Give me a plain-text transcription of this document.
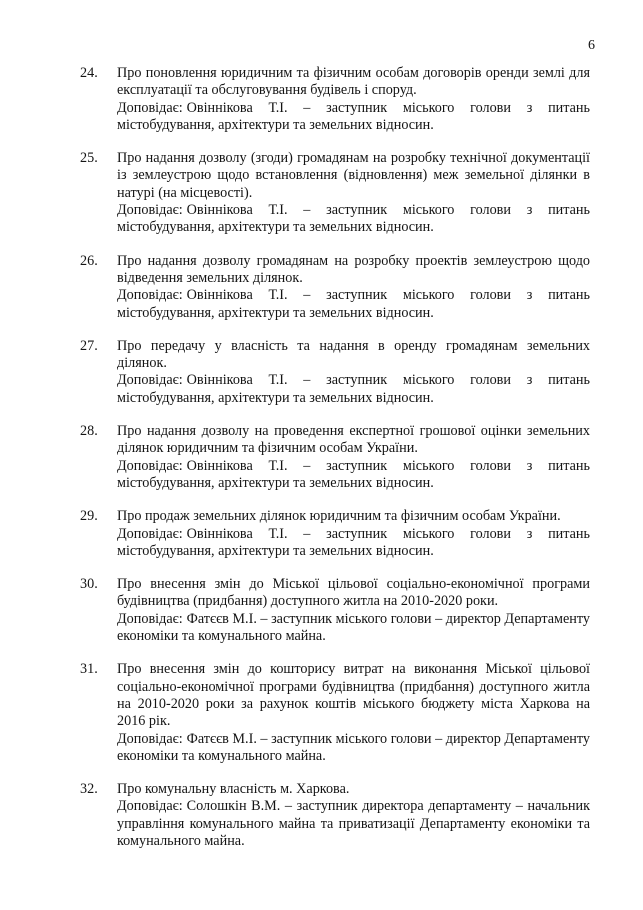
6
24.	Про поновлення юридичним та фізичним особам договорів оренди землі для експлуатації та обслуговування будівель і споруд.
Доповідає: Овіннікова Т.І. – заступник міського голови з питань містобудування, архітектури та земельних відносин.
25.	Про надання дозволу (згоди) громадянам на розробку технічної документації із землеустрою щодо встановлення (відновлення) меж земельної ділянки в натурі (на місцевості).
Доповідає: Овіннікова Т.І. – заступник міського голови з питань містобудування, архітектури та земельних відносин.
26.	Про надання дозволу громадянам на розробку проектів землеустрою щодо відведення земельних ділянок.
Доповідає: Овіннікова Т.І. – заступник міського голови з питань містобудування, архітектури та земельних відносин.
27.	Про передачу у власність та надання в оренду громадянам земельних ділянок.
Доповідає: Овіннікова Т.І. – заступник міського голови з питань містобудування, архітектури та земельних відносин.
28.	Про надання дозволу на проведення експертної грошової оцінки земельних ділянок юридичним та фізичним особам України.
Доповідає: Овіннікова Т.І. – заступник міського голови з питань містобудування, архітектури та земельних відносин.
29.	Про продаж земельних ділянок юридичним та фізичним особам України.
Доповідає: Овіннікова Т.І. – заступник міського голови з питань містобудування, архітектури та земельних відносин.
30.	Про внесення змін до Міської цільової соціально-економічної програми будівництва (придбання) доступного житла на 2010-2020 роки.
Доповідає: Фатєєв М.І. – заступник міського голови – директор Департаменту економіки та комунального майна.
31.	Про внесення змін до кошторису витрат на виконання Міської цільової соціально-економічної програми будівництва (придбання) доступного житла на 2010-2020 роки за рахунок коштів міського бюджету міста Харкова на 2016 рік.
Доповідає: Фатєєв М.І. – заступник міського голови – директор Департаменту економіки та комунального майна.
32.	Про комунальну власність м. Харкова.
Доповідає: Солошкін В.М. – заступник директора департаменту – начальник управління комунального майна та приватизації Департаменту економіки та комунального майна.
